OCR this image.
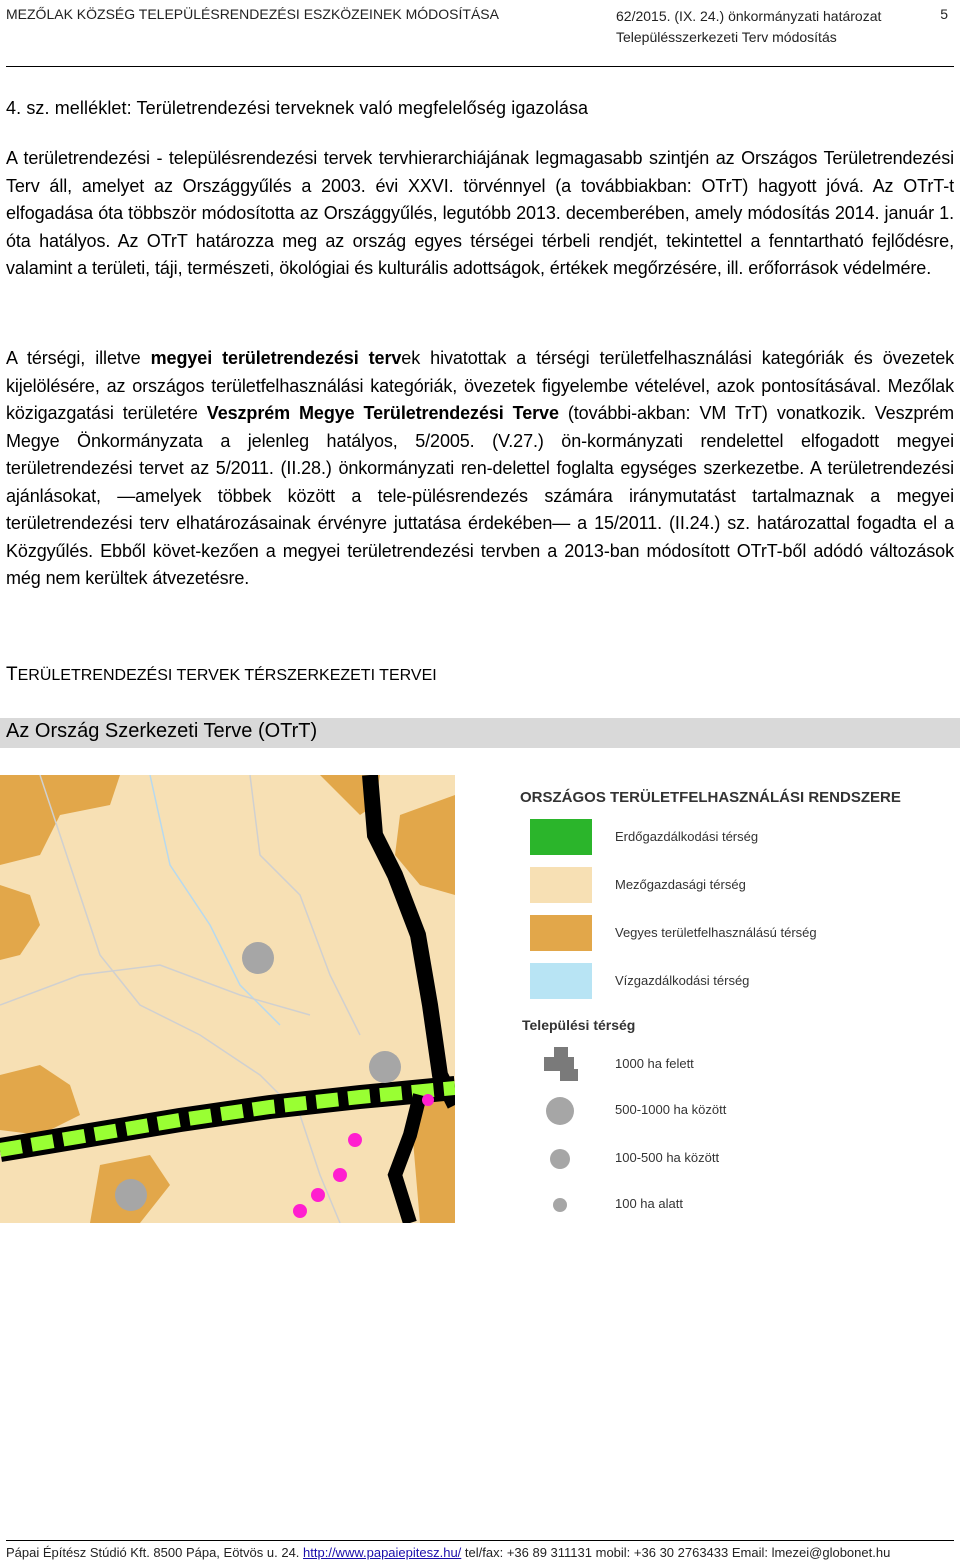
MEZŐLAK KÖZSÉG TELEPÜLÉSRENDEZÉSI ESZKÖZEINEK MÓDOSÍTÁSA	62/2015. (IX. 24.) önkormányzati határozat
Településszerkezeti Terv módosítás
5
4. sz. melléklet: Területrendezési terveknek való megfelelőség igazolása
A területrendezési - településrendezési tervek tervhierarchiájának legmagasabb szintjén az Országos Területrendezési Terv áll, amelyet az Országgyűlés a 2003. évi XXVI. törvénnyel (a továbbiakban: OTrT) hagyott jóvá. Az OTrT-t elfogadása óta többször módosította az Országgyűlés, legutóbb 2013. decemberében, amely módosítás 2014. január 1. óta hatályos. Az OTrT határozza meg az ország egyes térségei térbeli rendjét, tekintettel a fenntartható fejlődésre, valamint a területi, táji, természeti, ökológiai és kulturális adottságok, értékek megőrzésére, ill. erőforrások védelmére.
A térségi, illetve megyei területrendezési tervek hivatottak a térségi területfelhasználási kategóriák és övezetek kijelölésére, az országos területfelhasználási kategóriák, övezetek figyelembe vételével, azok pontosításával. Mezőlak közigazgatási területére Veszprém Megye Területrendezési Terve (további-akban: VM TrT) vonatkozik. Veszprém Megye Önkormányzata a jelenleg hatályos, 5/2005. (V.27.) ön-kormányzati rendelettel elfogadott megyei területrendezési tervet az 5/2011. (II.28.) önkormányzati ren-delettel foglalta egységes szerkezetbe. A területrendezési ajánlásokat, —amelyek többek között a tele-pülésrendezés számára iránymutatást tartalmaznak a megyei területrendezési terv elhatározásainak érvényre juttatása érdekében— a 15/2011. (II.24.) sz. határozattal fogadta el a Közgyűlés. Ebből követ-kezően a megyei területrendezési tervben a 2013-ban módosított OTrT-ből adódó változások még nem kerültek átvezetésre.
TERÜLETRENDEZÉSI TERVEK TÉRSZERKEZETI TERVEI
Az Ország Szerkezeti Terve (OTrT)
ORSZÁGOS TERÜLETFELHASZNÁLÁSI RENDSZERE
Erdőgazdálkodási térség
Mezőgazdasági térség
Vegyes területfelhasználású térség
Vízgazdálkodási térség
Települési térség
1000 ha felett
500-1000 ha között
100-500 ha között
100 ha alatt
Pápai Építész Stúdió Kft. 8500 Pápa, Eötvös u. 24. http://www.papaiepitesz.hu/ tel/fax: +36 89 311131 mobil: +36 30 2763433 Email: lmezei@globonet.hu
